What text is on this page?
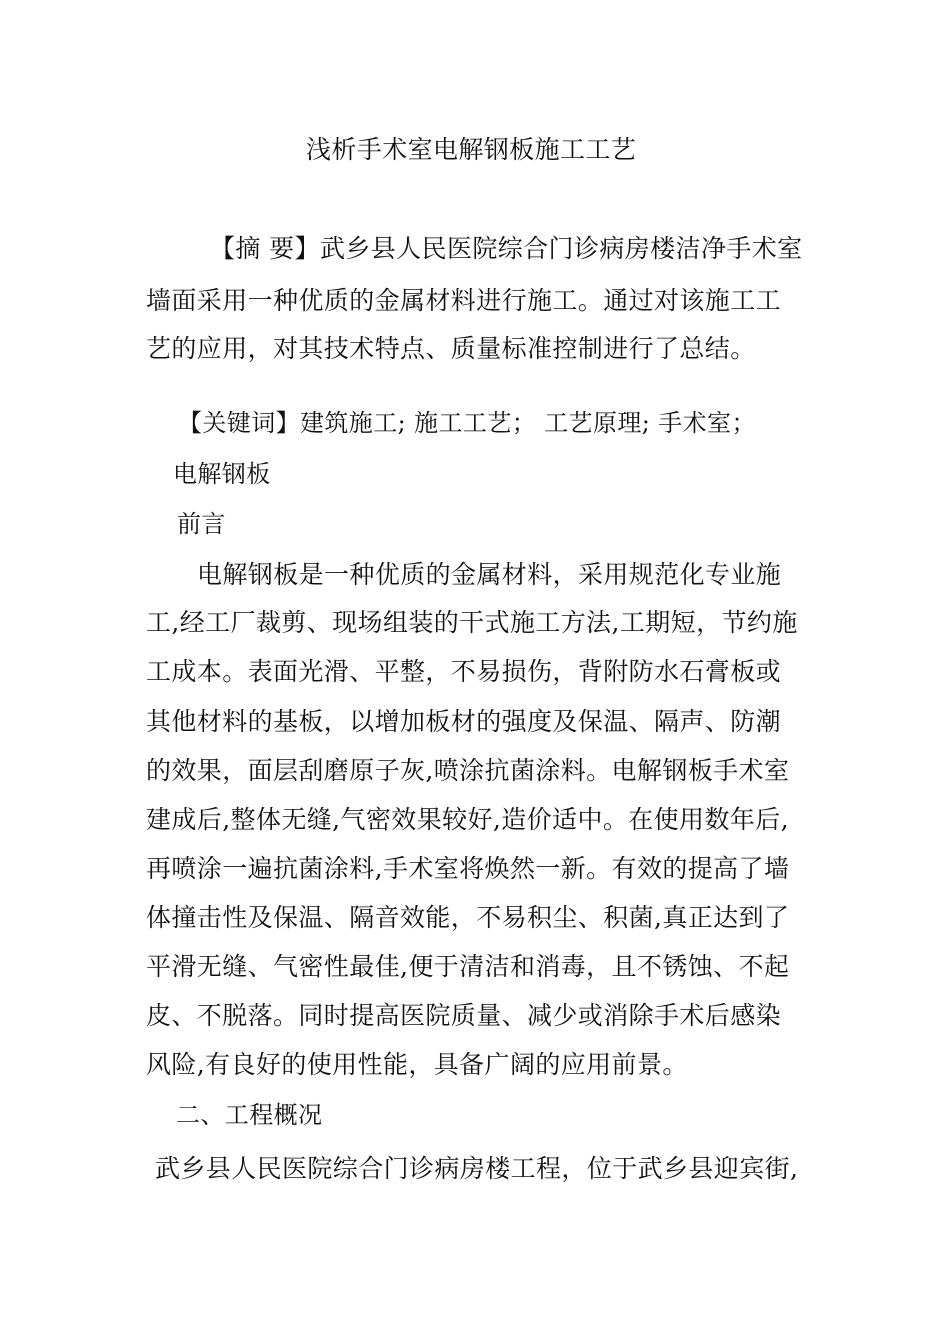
浅析手术室电解钢板施工工艺
【摘 要】武乡县人民医院综合门诊病房楼洁净手术室
墙面采用一种优质的金属材料进行施工。通过对该施工工
艺的应用，对其技术特点、质量标准控制进行了总结。
【关键词】建筑施工; 施工工艺； 工艺原理; 手术室；
电解钢板
前言
电解钢板是一种优质的金属材料，采用规范化专业施
工,经工厂裁剪、现场组装的干式施工方法,工期短，节约施
工成本。表面光滑、平整，不易损伤，背附防水石膏板或
其他材料的基板，以增加板材的强度及保温、隔声、防潮
的效果，面层刮磨原子灰,喷涂抗菌涂料。电解钢板手术室
建成后,整体无缝,气密效果较好,造价适中。在使用数年后,
再喷涂一遍抗菌涂料,手术室将焕然一新。有效的提高了墙
体撞击性及保温、隔音效能，不易积尘、积菌,真正达到了
平滑无缝、气密性最佳,便于清洁和消毒，且不锈蚀、不起
皮、不脱落。同时提高医院质量、减少或消除手术后感染
风险,有良好的使用性能，具备广阔的应用前景。
二、工程概况
武乡县人民医院综合门诊病房楼工程，位于武乡县迎宾街,
